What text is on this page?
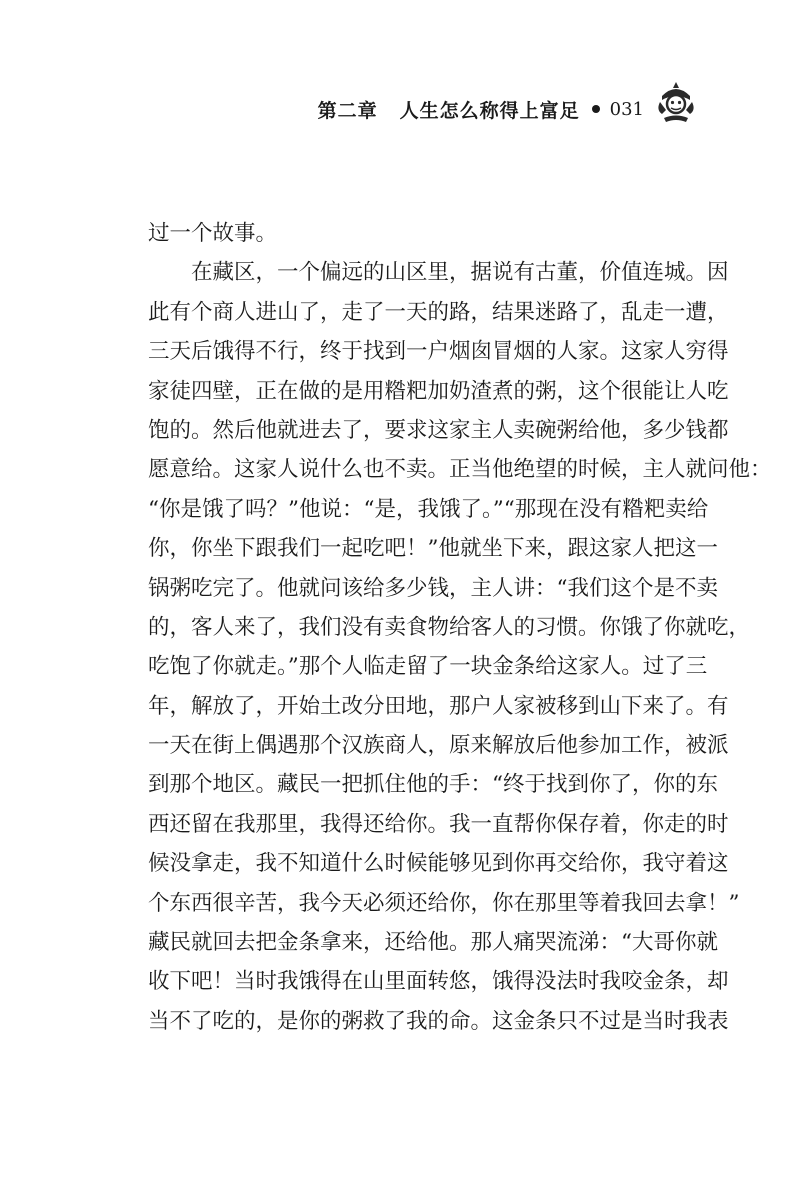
第二章 人生怎么称得上富足 031
过一个故事。
在藏区，一个偏远的山区里，据说有古董，价值连城。因
此有个商人进山了，走了一天的路，结果迷路了，乱走一遭，
三天后饿得不行，终于找到一户烟囱冒烟的人家。这家人穷得
家徒四壁，正在做的是用糌粑加奶渣煮的粥，这个很能让人吃
饱的。然后他就进去了，要求这家主人卖碗粥给他，多少钱都
愿意给。这家人说什么也不卖。正当他绝望的时候，主人就问他：
“你是饿了吗？”他说：“是，我饿了。”“那现在没有糌粑卖给
你，你坐下跟我们一起吃吧！”他就坐下来，跟这家人把这一
锅粥吃完了。他就问该给多少钱，主人讲：“我们这个是不卖
的，客人来了，我们没有卖食物给客人的习惯。你饿了你就吃，
吃饱了你就走。”那个人临走留了一块金条给这家人。过了三
年，解放了，开始土改分田地，那户人家被移到山下来了。有
一天在街上偶遇那个汉族商人，原来解放后他参加工作，被派
到那个地区。藏民一把抓住他的手：“终于找到你了，你的东
西还留在我那里，我得还给你。我一直帮你保存着，你走的时
候没拿走，我不知道什么时候能够见到你再交给你，我守着这
个东西很辛苦，我今天必须还给你，你在那里等着我回去拿！”
藏民就回去把金条拿来，还给他。那人痛哭流涕：“大哥你就
收下吧！当时我饿得在山里面转悠，饿得没法时我咬金条，却
当不了吃的，是你的粥救了我的命。这金条只不过是当时我表
